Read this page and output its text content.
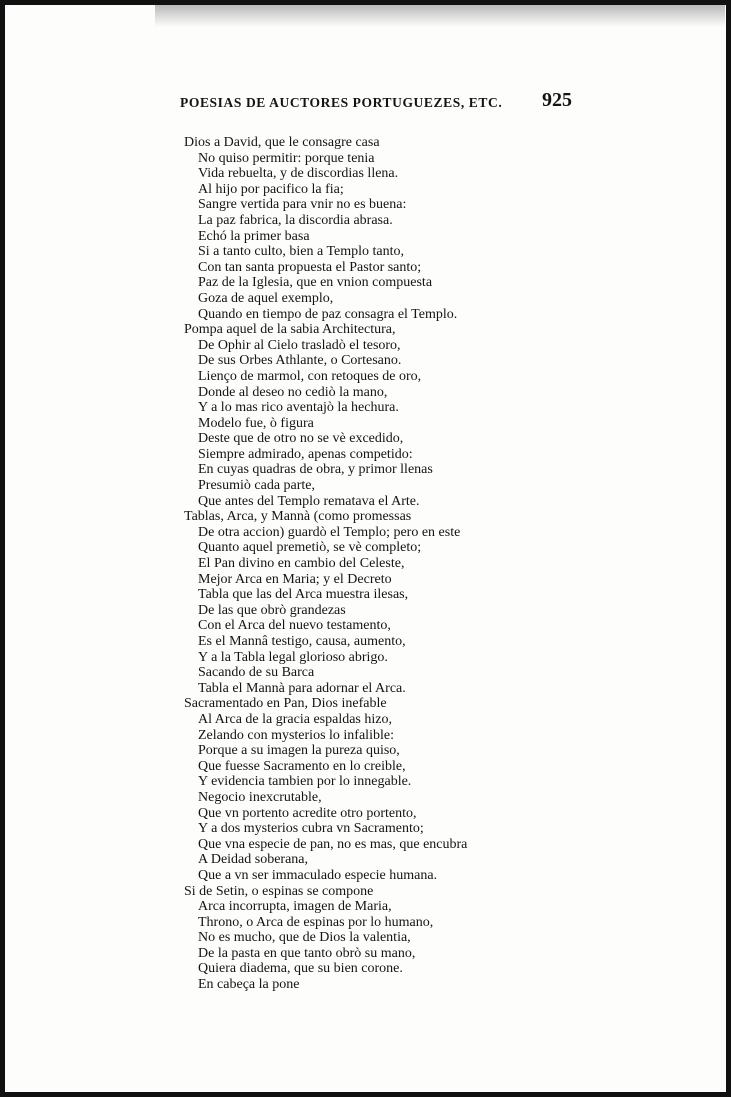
POESIAS DE AUCTORES PORTUGUEZES, ETC. 925
Dios a David, que le consagre casa
No quiso permitir: porque tenia
Vida rebuelta, y de discordias llena.
Al hijo por pacifico la fia;
Sangre vertida para vnir no es buena:
La paz fabrica, la discordia abrasa.
Echó la primer basa
Si a tanto culto, bien a Templo tanto,
Con tan santa propuesta el Pastor santo;
Paz de la Iglesia, que en vnion compuesta
Goza de aquel exemplo,
Quando en tiempo de paz consagra el Templo.
Pompa aquel de la sabia Architectura,
De Ophir al Cielo trasladò el tesoro,
De sus Orbes Athlante, o Cortesano.
Lienço de marmol, con retoques de oro,
Donde al deseo no cediò la mano,
Y a lo mas rico aventajò la hechura.
Modelo fue, ò figura
Deste que de otro no se vè excedido,
Siempre admirado, apenas competido:
En cuyas quadras de obra, y primor llenas
Presumiò cada parte,
Que antes del Templo rematava el Arte.
Tablas, Arca, y Mannà (como promessas
De otra accion) guardò el Templo; pero en este
Quanto aquel premetiò, se vè completo;
El Pan divino en cambio del Celeste,
Mejor Arca en Maria; y el Decreto
Tabla que las del Arca muestra ilesas,
De las que obrò grandezas
Con el Arca del nuevo testamento,
Es el Mannâ testigo, causa, aumento,
Y a la Tabla legal glorioso abrigo.
Sacando de su Barca
Tabla el Mannà para adornar el Arca.
Sacramentado en Pan, Dios inefable
Al Arca de la gracia espaldas hizo,
Zelando con mysterios lo infalible:
Porque a su imagen la pureza quiso,
Que fuesse Sacramento en lo creible,
Y evidencia tambien por lo innegable.
Negocio inexcrutable,
Que vn portento acredite otro portento,
Y a dos mysterios cubra vn Sacramento;
Que vna especie de pan, no es mas, que encubra
A Deidad soberana,
Que a vn ser immaculado especie humana.
Si de Setin, o espinas se compone
Arca incorrupta, imagen de Maria,
Throno, o Arca de espinas por lo humano,
No es mucho, que de Dios la valentia,
De la pasta en que tanto obrò su mano,
Quiera diadema, que su bien corone.
En cabeça la pone
